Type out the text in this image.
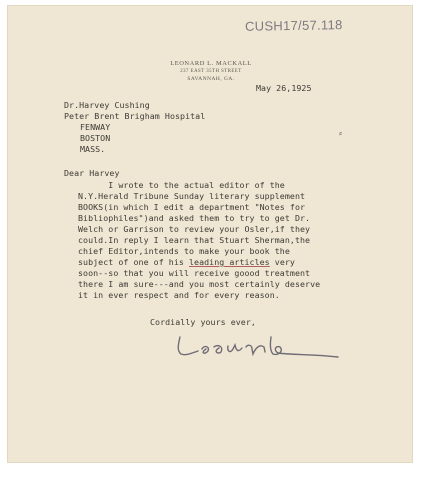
CUSH17/57.118
LEONARD L. MACKALL
237 EAST 35TH STREET
SAVANNAH, GA.
May 26,1925
Dr.Harvey Cushing
Peter Brent Brigham Hospital
FENWAY
BOSTON
MASS.
Dear Harvey
I wrote to the actual editor of the
N.Y.Herald Tribune Sunday literary supplement
BOOKS(in which I edit a department "Notes for
Bibliophiles")and asked them to try to get Dr.
Welch or Garrison to review your Osler,if they
could.In reply I learn that Stuart Sherman,the
chief Editor,intends to make your book the
subject of one of his leading articles very
soon--so that you will receive goood treatment
there I am sure---and you most certainly deserve
it in ever respect and for every reason.
Cordially yours ever,
⸗
